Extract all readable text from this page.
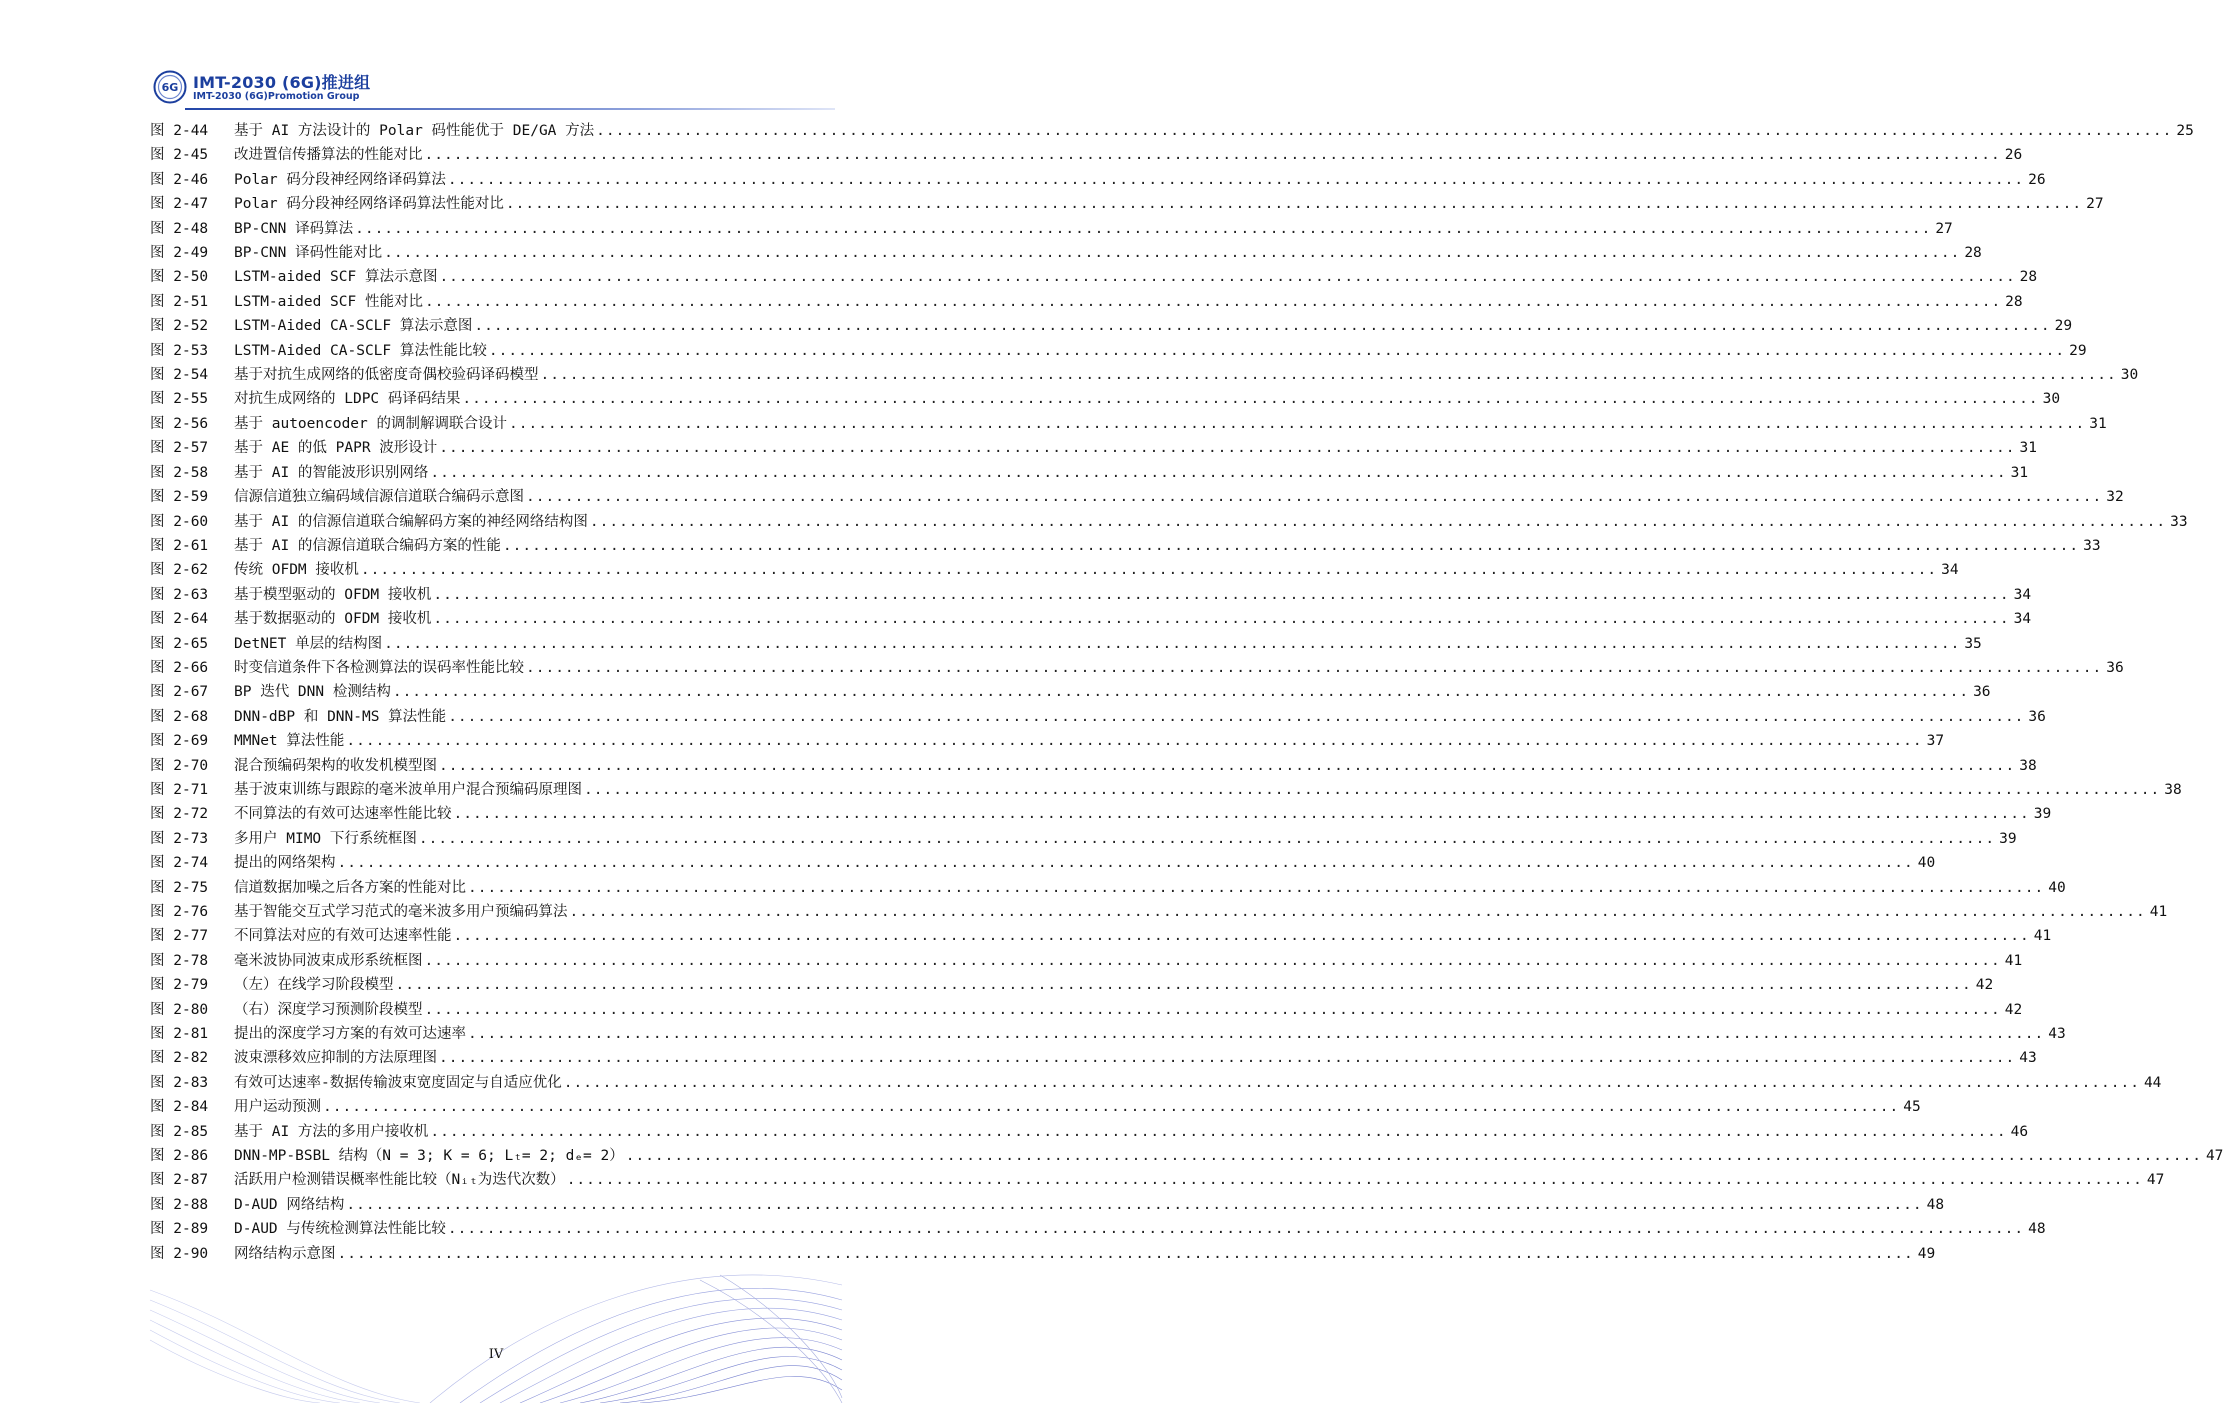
6G IMT-2030 (6G)推进组
IMT-2030 (6G)Promotion Group
图 2-44	基于 AI 方法设计的 Polar 码性能优于 DE/GA 方法 .................................................................................................................................................................. 25
图 2-45	改进置信传播算法的性能对比 .................................................................................................................................................................. 26
图 2-46	Polar 码分段神经网络译码算法 .................................................................................................................................................................. 26
图 2-47	Polar 码分段神经网络译码算法性能对比 .................................................................................................................................................................. 27
图 2-48	BP-CNN 译码算法 .................................................................................................................................................................. 27
图 2-49	BP-CNN 译码性能对比 .................................................................................................................................................................. 28
图 2-50	LSTM-aided SCF 算法示意图 .................................................................................................................................................................. 28
图 2-51	LSTM-aided SCF 性能对比 .................................................................................................................................................................. 28
图 2-52	LSTM-Aided CA-SCLF 算法示意图 .................................................................................................................................................................. 29
图 2-53	LSTM-Aided CA-SCLF 算法性能比较 .................................................................................................................................................................. 29
图 2-54	基于对抗生成网络的低密度奇偶校验码译码模型 .................................................................................................................................................................. 30
图 2-55	对抗生成网络的 LDPC 码译码结果 .................................................................................................................................................................. 30
图 2-56	基于 autoencoder 的调制解调联合设计 .................................................................................................................................................................. 31
图 2-57	基于 AE 的低 PAPR 波形设计 .................................................................................................................................................................. 31
图 2-58	基于 AI 的智能波形识别网络 .................................................................................................................................................................. 31
图 2-59	信源信道独立编码域信源信道联合编码示意图 .................................................................................................................................................................. 32
图 2-60	基于 AI 的信源信道联合编解码方案的神经网络结构图 .................................................................................................................................................................. 33
图 2-61	基于 AI 的信源信道联合编码方案的性能 .................................................................................................................................................................. 33
图 2-62	传统 OFDM 接收机 .................................................................................................................................................................. 34
图 2-63	基于模型驱动的 OFDM 接收机 .................................................................................................................................................................. 34
图 2-64	基于数据驱动的 OFDM 接收机 .................................................................................................................................................................. 34
图 2-65	DetNET 单层的结构图 .................................................................................................................................................................. 35
图 2-66	时变信道条件下各检测算法的误码率性能比较 .................................................................................................................................................................. 36
图 2-67	BP 迭代 DNN 检测结构 .................................................................................................................................................................. 36
图 2-68	DNN-dBP 和 DNN-MS 算法性能 .................................................................................................................................................................. 36
图 2-69	MMNet 算法性能 .................................................................................................................................................................. 37
图 2-70	混合预编码架构的收发机模型图 .................................................................................................................................................................. 38
图 2-71	基于波束训练与跟踪的毫米波单用户混合预编码原理图 .................................................................................................................................................................. 38
图 2-72	不同算法的有效可达速率性能比较 .................................................................................................................................................................. 39
图 2-73	多用户 MIMO 下行系统框图 .................................................................................................................................................................. 39
图 2-74	提出的网络架构 .................................................................................................................................................................. 40
图 2-75	信道数据加噪之后各方案的性能对比 .................................................................................................................................................................. 40
图 2-76	基于智能交互式学习范式的毫米波多用户预编码算法 .................................................................................................................................................................. 41
图 2-77	不同算法对应的有效可达速率性能 .................................................................................................................................................................. 41
图 2-78	毫米波协同波束成形系统框图 .................................................................................................................................................................. 41
图 2-79	（左）在线学习阶段模型 .................................................................................................................................................................. 42
图 2-80	（右）深度学习预测阶段模型 .................................................................................................................................................................. 42
图 2-81	提出的深度学习方案的有效可达速率 .................................................................................................................................................................. 43
图 2-82	波束漂移效应抑制的方法原理图 .................................................................................................................................................................. 43
图 2-83	有效可达速率-数据传输波束宽度固定与自适应优化 .................................................................................................................................................................. 44
图 2-84	用户运动预测 .................................................................................................................................................................. 45
图 2-85	基于 AI 方法的多用户接收机 .................................................................................................................................................................. 46
图 2-86	DNN-MP-BSBL 结构（N = 3; K = 6; Lₜ= 2; dₑ= 2） .................................................................................................................................................................. 47
图 2-87	活跃用户检测错误概率性能比较（Nᵢₜ为迭代次数） .................................................................................................................................................................. 47
图 2-88	D-AUD 网络结构 .................................................................................................................................................................. 48
图 2-89	D-AUD 与传统检测算法性能比较 .................................................................................................................................................................. 48
图 2-90	网络结构示意图 .................................................................................................................................................................. 49
IV
